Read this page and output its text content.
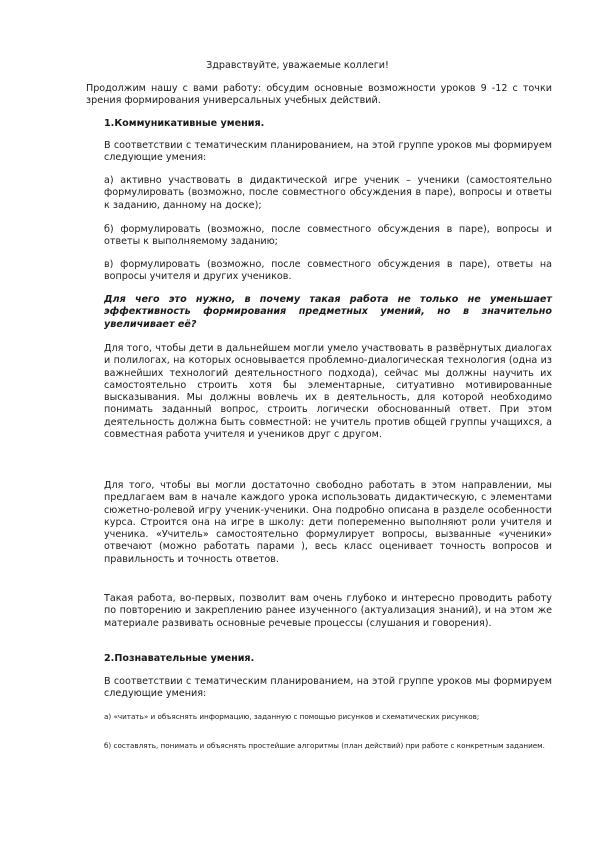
Здравствуйте, уважаемые коллеги!

Продолжим нашу с вами работу: обсудим основные возможности уроков 9 -12 с точки зрения формирования универсальных учебных действий.

1.Коммуникативные умения.

В соответствии с тематическим планированием, на этой группе уроков мы формируем следующие умения:

а) активно участвовать в дидактической игре ученик – ученики (самостоятельно формулировать (возможно, после совместного обсуждения в паре), вопросы и ответы к заданию, данному на доске);

б) формулировать (возможно, после совместного обсуждения в паре), вопросы и ответы к выполняемому заданию;

в) формулировать (возможно, после совместного обсуждения в паре), ответы на вопросы учителя и других учеников.

Для чего это нужно, в почему такая работа не только не уменьшает эффективность формирования предметных умений, но в значительно увеличивает её?

Для того, чтобы дети в дальнейшем могли умело участвовать в развёрнутых диалогах и полилогах, на которых основывается проблемно-диалогическая технология (одна из важнейших технологий деятельностного подхода), сейчас мы должны научить их самостоятельно строить хотя бы элементарные, ситуативно мотивированные высказывания. Мы должны вовлечь их в деятельность, для которой необходимо понимать заданный вопрос, строить логически обоснованный ответ. При этом деятельность должна быть совместной: не учитель против общей группы учащихся, а совместная работа учителя и учеников друг с другом.

Для того, чтобы вы могли достаточно свободно работать в этом направлении, мы предлагаем вам в начале каждого урока использовать дидактическую, с элементами сюжетно-ролевой игру ученик-ученики. Она подробно описана в разделе особенности курса. Строится она на игре в школу: дети попеременно выполняют роли учителя и ученика. «Учитель» самостоятельно формулирует вопросы, вызванные «ученики» отвечают (можно работать парами ), весь класс оценивает точность вопросов и правильность и точность ответов.

Такая работа, во-первых, позволит вам очень глубоко и интересно проводить работу по повторению и закреплению ранее изученного (актуализация знаний), и на этом же материале развивать основные речевые процессы (слушания и говорения).

2.Познавательные умения.

В соответствии с тематическим планированием, на этой группе уроков мы формируем следующие умения:

а) «читать» и объяснять информацию, заданную с помощью рисунков и схематических рисунков;

б) составлять, понимать и объяснять простейшие алгоритмы (план действий) при работе с конкретным заданием.
